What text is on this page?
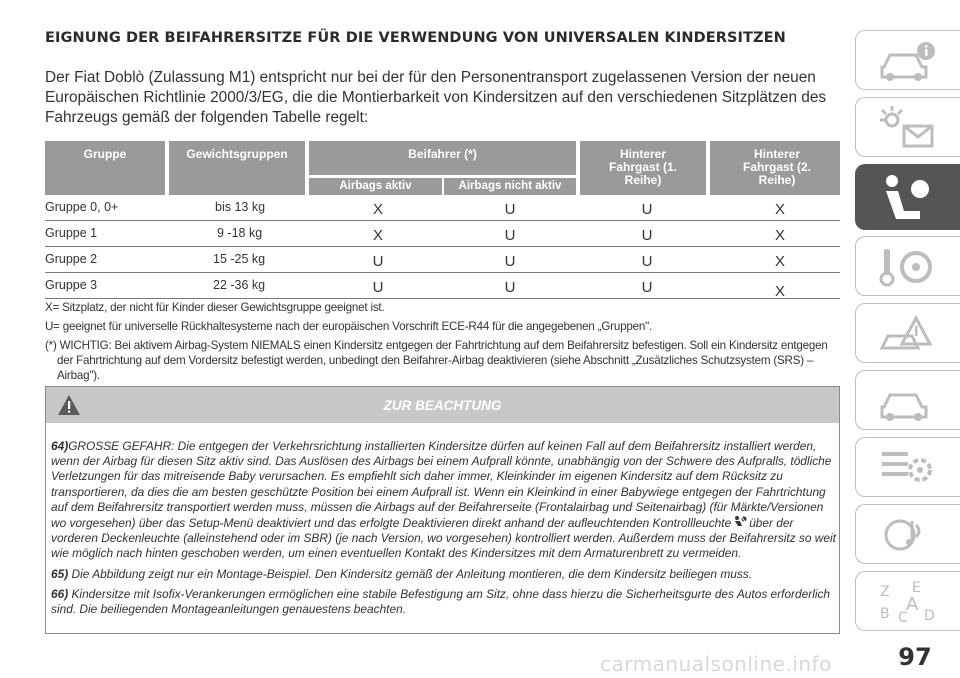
EIGNUNG DER BEIFAHRERSITZE FÜR DIE VERWENDUNG VON UNIVERSALEN KINDERSITZEN
Der Fiat Doblò (Zulassung M1) entspricht nur bei der für den Personentransport zugelassenen Version der neuen Europäischen Richtlinie 2000/3/EG, die die Montierbarkeit von Kindersitzen auf den verschiedenen Sitzplätzen des Fahrzeugs gemäß der folgenden Tabelle regelt:
Gruppe	Gewichtsgruppen	Beifahrer (*)
Airbags aktiv	Airbags nicht aktiv
Hinterer Fahrgast (1. Reihe)
Hinterer Fahrgast (2. Reihe)
Gruppe 0, 0+	bis 13 kg	X	U	U	X
Gruppe 1	9 -18 kg	X	U	U	X
Gruppe 2	15 -25 kg	U	U	U	X
Gruppe 3	22 -36 kg	U	U	U	X

X= Sitzplatz, der nicht für Kinder dieser Gewichtsgruppe geeignet ist.

U= geeignet für universelle Rückhaltesysteme nach der europäischen Vorschrift ECE-R44 für die angegebenen „Gruppen".

(*) WICHTIG: Bei aktivem Airbag-System NIEMALS einen Kindersitz entgegen der Fahrtrichtung auf dem Beifahrersitz befestigen. Soll ein Kindersitz entgegen der Fahrtrichtung auf dem Vordersitz befestigt werden, unbedingt den Beifahrer-Airbag deaktivieren (siehe Abschnitt „Zusätzliches Schutzsystem (SRS) – Airbag").

ZUR BEACHTUNG

64)GROSSE GEFAHR: Die entgegen der Verkehrsrichtung installierten Kindersitze dürfen auf keinen Fall auf dem Beifahrersitz installiert werden, wenn der Airbag für diesen Sitz aktiv sind. Das Auslösen des Airbags bei einem Aufprall könnte, unabhängig von der Schwere des Aufpralls, tödliche Verletzungen für das mitreisende Baby verursachen. Es empfiehlt sich daher immer, Kleinkinder im eigenen Kindersitz auf dem Rücksitz zu transportieren, da dies die am besten geschützte Position bei einem Aufprall ist. Wenn ein Kleinkind in einer Babywiege entgegen der Fahrtrichtung auf dem Beifahrersitz transportiert werden muss, müssen die Airbags auf der Beifahrerseite (Frontalairbag und Seitenairbag) (für Märkte/Versionen wo vorgesehen) über das Setup-Menü deaktiviert und das erfolgte Deaktivieren direkt anhand der aufleuchtenden Kontrollleuchte über der vorderen Deckenleuchte (alleinstehend oder im SBR) (je nach Version, wo vorgesehen) kontrolliert werden. Außerdem muss der Beifahrersitz so weit wie möglich nach hinten geschoben werden, um einen eventuellen Kontakt des Kindersitzes mit dem Armaturenbrett zu vermeiden.

65) Die Abbildung zeigt nur ein Montage-Beispiel. Den Kindersitz gemäß der Anleitung montieren, die dem Kindersitz beiliegen muss.

66) Kindersitze mit Isofix-Verankerungen ermöglichen eine stabile Befestigung am Sitz, ohne dass hierzu die Sicherheitsgurte des Autos erforderlich sind. Die beiliegenden Montageanleitungen genauestens beachten.

Z E
B C
A
D
carmanualsonline.info	97
